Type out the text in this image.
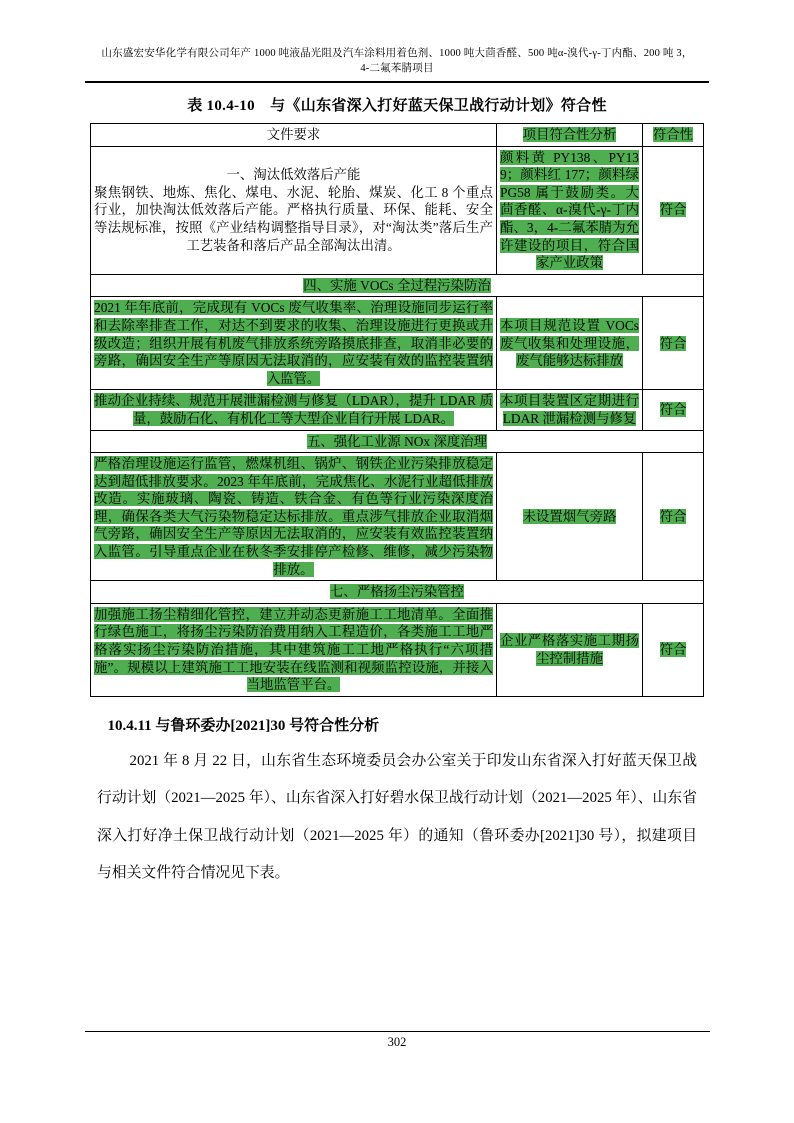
山东盛宏安华化学有限公司年产 1000 吨液晶光阻及汽车涂料用着色剂、1000 吨大茴香醛、500 吨α-溴代-γ-丁内酯、200 吨 3，4-二氟苯腈项目
表 10.4-10　与《山东省深入打好蓝天保卫战行动计划》符合性
文件要求	项目符合性分析	符合性

一、淘汰低效落后产能
聚焦钢铁、地炼、焦化、煤电、水泥、轮胎、煤炭、化工 8 个重点行业，加快淘汰低效落后产能。严格执行质量、环保、能耗、安全等法规标准，按照《产业结构调整指导目录》，对“淘汰类”落后生产工艺装备和落后产品全部淘汰出清。	颜料黄 PY138、PY139；颜料红 177；颜料绿 PG58 属于鼓励类。大茴香醛、α-溴代-γ-丁内酯、3，4-二氟苯腈为允许建设的项目，符合国家产业政策	符合
四、实施 VOCs 全过程污染防治		
2021 年年底前，完成现有 VOCs 废气收集率、治理设施同步运行率和去除率排查工作，对达不到要求的收集、治理设施进行更换或升级改造；组织开展有机废气排放系统旁路摸底排查，取消非必要的旁路，确因安全生产等原因无法取消的，应安装有效的监控装置纳入监管。	本项目规范设置 VOCs 废气收集和处理设施，废气能够达标排放	符合
推动企业持续、规范开展泄漏检测与修复（LDAR），提升 LDAR 质量，鼓励石化、有机化工等大型企业自行开展 LDAR。	本项目装置区定期进行 LDAR 泄漏检测与修复	符合
五、强化工业源 NOx 深度治理		
严格治理设施运行监管，燃煤机组、锅炉、钢铁企业污染排放稳定达到超低排放要求。2023 年年底前，完成焦化、水泥行业超低排放改造。实施玻璃、陶瓷、铸造、铁合金、有色等行业污染深度治理，确保各类大气污染物稳定达标排放。重点涉气排放企业取消烟气旁路，确因安全生产等原因无法取消的，应安装有效监控装置纳入监管。引导重点企业在秋冬季安排停产检修、维修，减少污染物排放。	未设置烟气旁路	符合
七、严格扬尘污染管控		
加强施工扬尘精细化管控，建立并动态更新施工工地清单。全面推行绿色施工，将扬尘污染防治费用纳入工程造价，各类施工工地严格落实扬尘污染防治措施，其中建筑施工工地严格执行“六项措施”。规模以上建筑施工工地安装在线监测和视频监控设施，并接入当地监管平台。	企业严格落实施工期扬尘控制措施	符合
10.4.11 与鲁环委办[2021]30 号符合性分析
2021 年 8 月 22 日，山东省生态环境委员会办公室关于印发山东省深入打好蓝天保卫战行动计划（2021—2025 年）、山东省深入打好碧水保卫战行动计划（2021—2025 年）、山东省深入打好净土保卫战行动计划（2021—2025 年）的通知（鲁环委办[2021]30 号），拟建项目与相关文件符合情况见下表。
302
